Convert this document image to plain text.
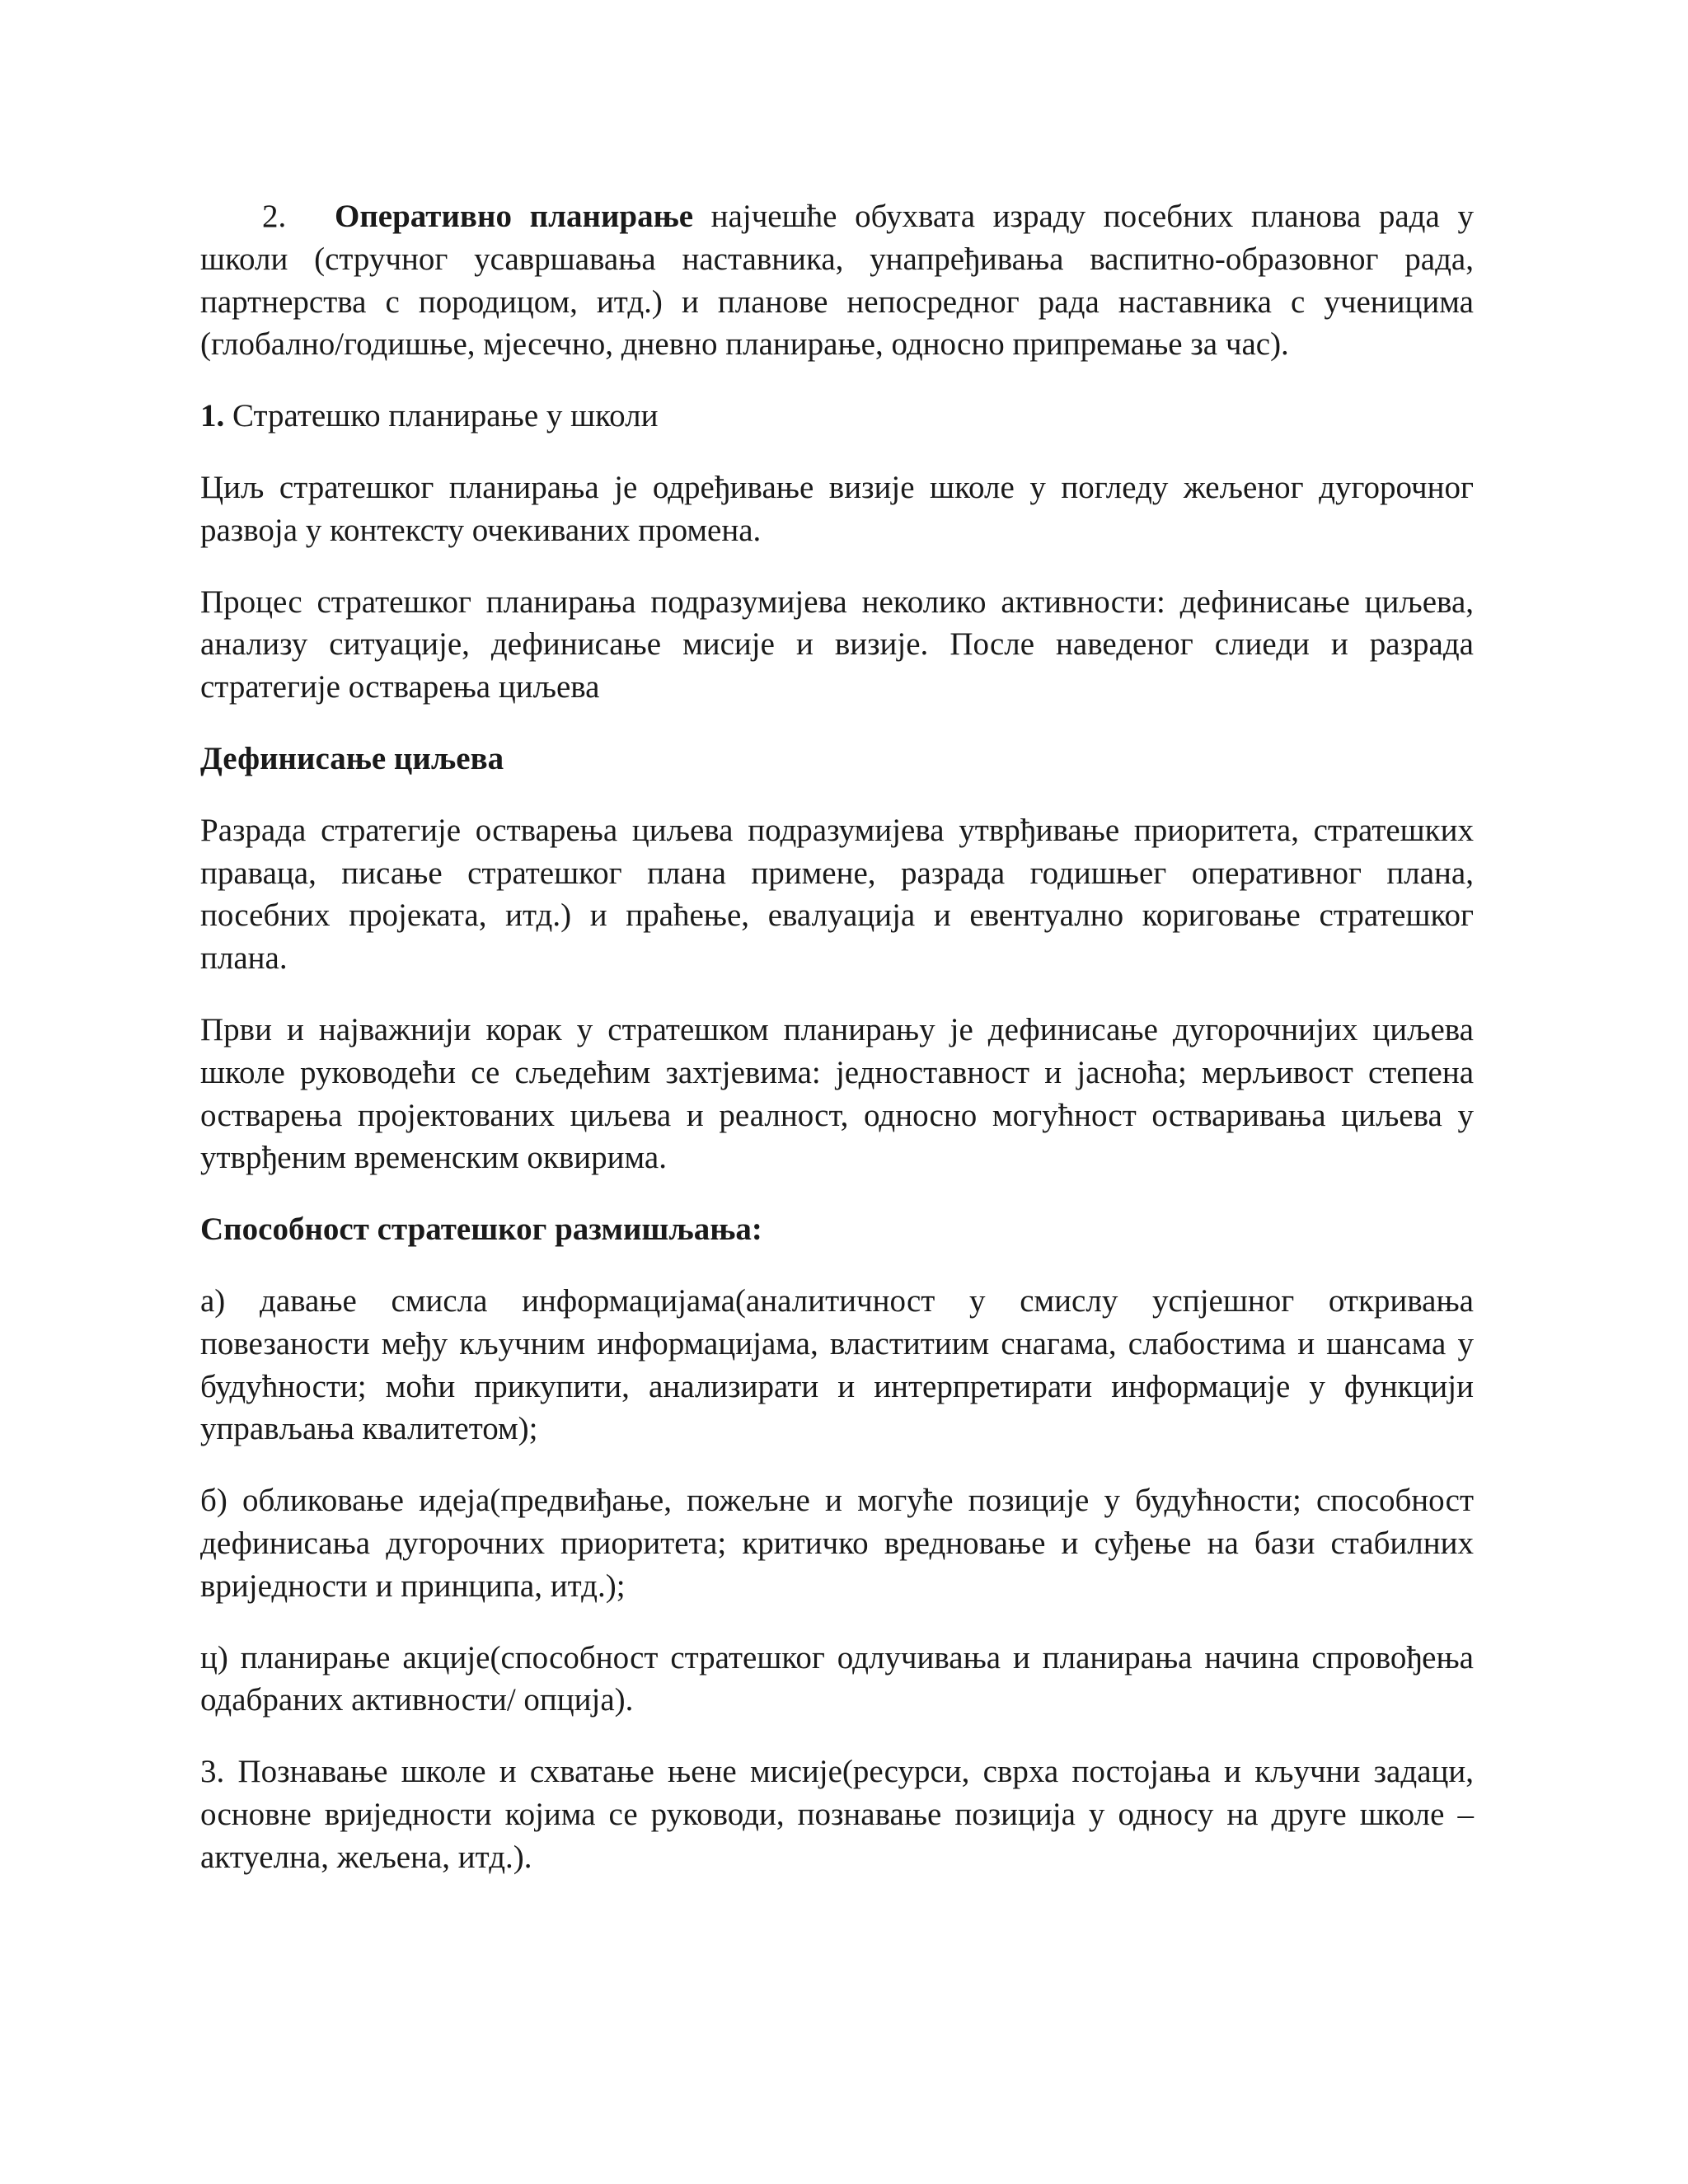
2.	Оперативно планирање најчешће обухвата израду посебних планова рада у
школи (стручног усавршавања наставника, унапређивања васпитно-образовног рада,
партнерства с породицом, итд.) и планове непосредног рада наставника с ученицима
(глобално/годишње, мјесечно, дневно планирање, односно припремање за час).
1. Стратешко планирање у школи
Циљ стратешког планирања је одређивање визије школе у погледу жељеног дугорочног
развоја у контексту очекиваних промена.
Процес стратешког планирања подразумијева неколико активности: дефинисање циљева,
анализу ситуације, дефинисање мисије и визије. После наведеног слиеди и разрада
стратегије остварења циљева
Дефинисање циљева
Разрада стратегије остварења циљева подразумијева утврђивање приоритета, стратешких
праваца, писање стратешког плана примене, разрада годишњег оперативног плана,
посебних пројеката, итд.) и праћење, евалуација и евентуално кориговање стратешког
плана.
Први и најважнији корак у стратешком планирању је дефинисање дугорочнијих циљева
школе руководећи се сљедећим захтјевима: једноставност и јасноћа; мерљивост степена
остварења пројектованих циљева и реалност, односно могућност остваривања циљева у
утврђеним временским оквирима.
Способност стратешког размишљања:
а) давање смисла информацијама(аналитичност у смислу успјешног откривања
повезаности међу кључним информацијама, властитиим снагама, слабостима и шансама у
будућности; моћи прикупити, анализирати и интерпретирати информације у функцији
управљања квалитетом);
б) обликовање идеја(предвиђање, пожељне и могуће позиције у будућности; способност
дефинисања дугорочних приоритета; критичко вредновање и суђење на бази стабилних
вриједности и принципа, итд.);
ц) планирање акције(способност стратешког одлучивања и планирања начина спровођења
одабраних активности/ опција).
3. Познавање школе и схватање њене мисије(ресурси, сврха постојања и кључни задаци,
основне вриједности којима се руководи, познавање позиција у односу на друге школе –
актуелна, жељена, итд.).
